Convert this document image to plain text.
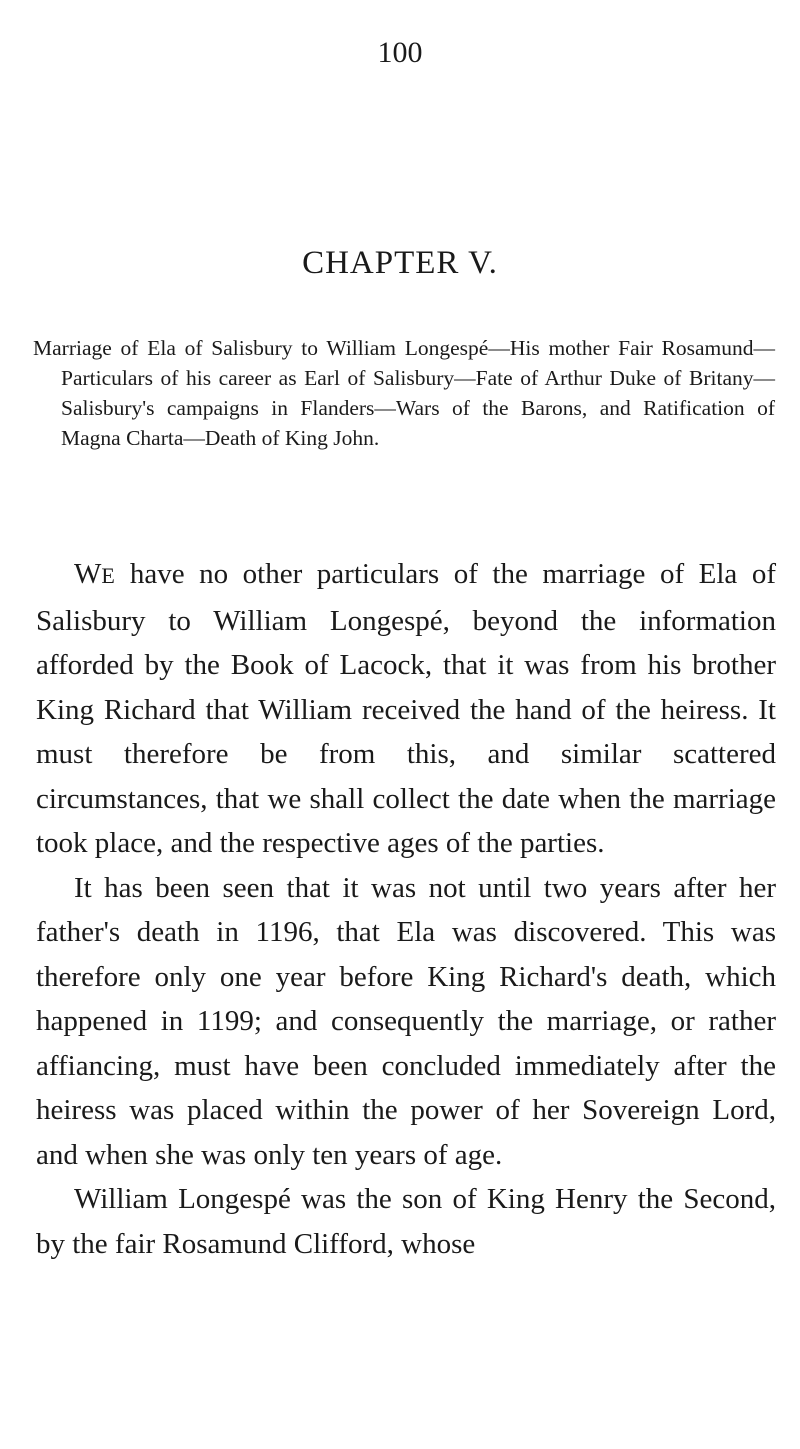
100
CHAPTER V.

Marriage of Ela of Salisbury to William Longespé—His mother Fair Rosamund—Particulars of his career as Earl of Salisbury—Fate of Arthur Duke of Britany—Salisbury's campaigns in Flanders—Wars of the Barons, and Ratification of Magna Charta—Death of King John.

WE have no other particulars of the marriage of Ela of Salisbury to William Longespé, beyond the information afforded by the Book of Lacock, that it was from his brother King Richard that William received the hand of the heiress. It must therefore be from this, and similar scattered circumstances, that we shall collect the date when the marriage took place, and the respective ages of the parties.

It has been seen that it was not until two years after her father's death in 1196, that Ela was discovered. This was therefore only one year before King Richard's death, which happened in 1199; and consequently the marriage, or rather affiancing, must have been concluded immediately after the heiress was placed within the power of her Sovereign Lord, and when she was only ten years of age.

William Longespé was the son of King Henry the Second, by the fair Rosamund Clifford, whose
